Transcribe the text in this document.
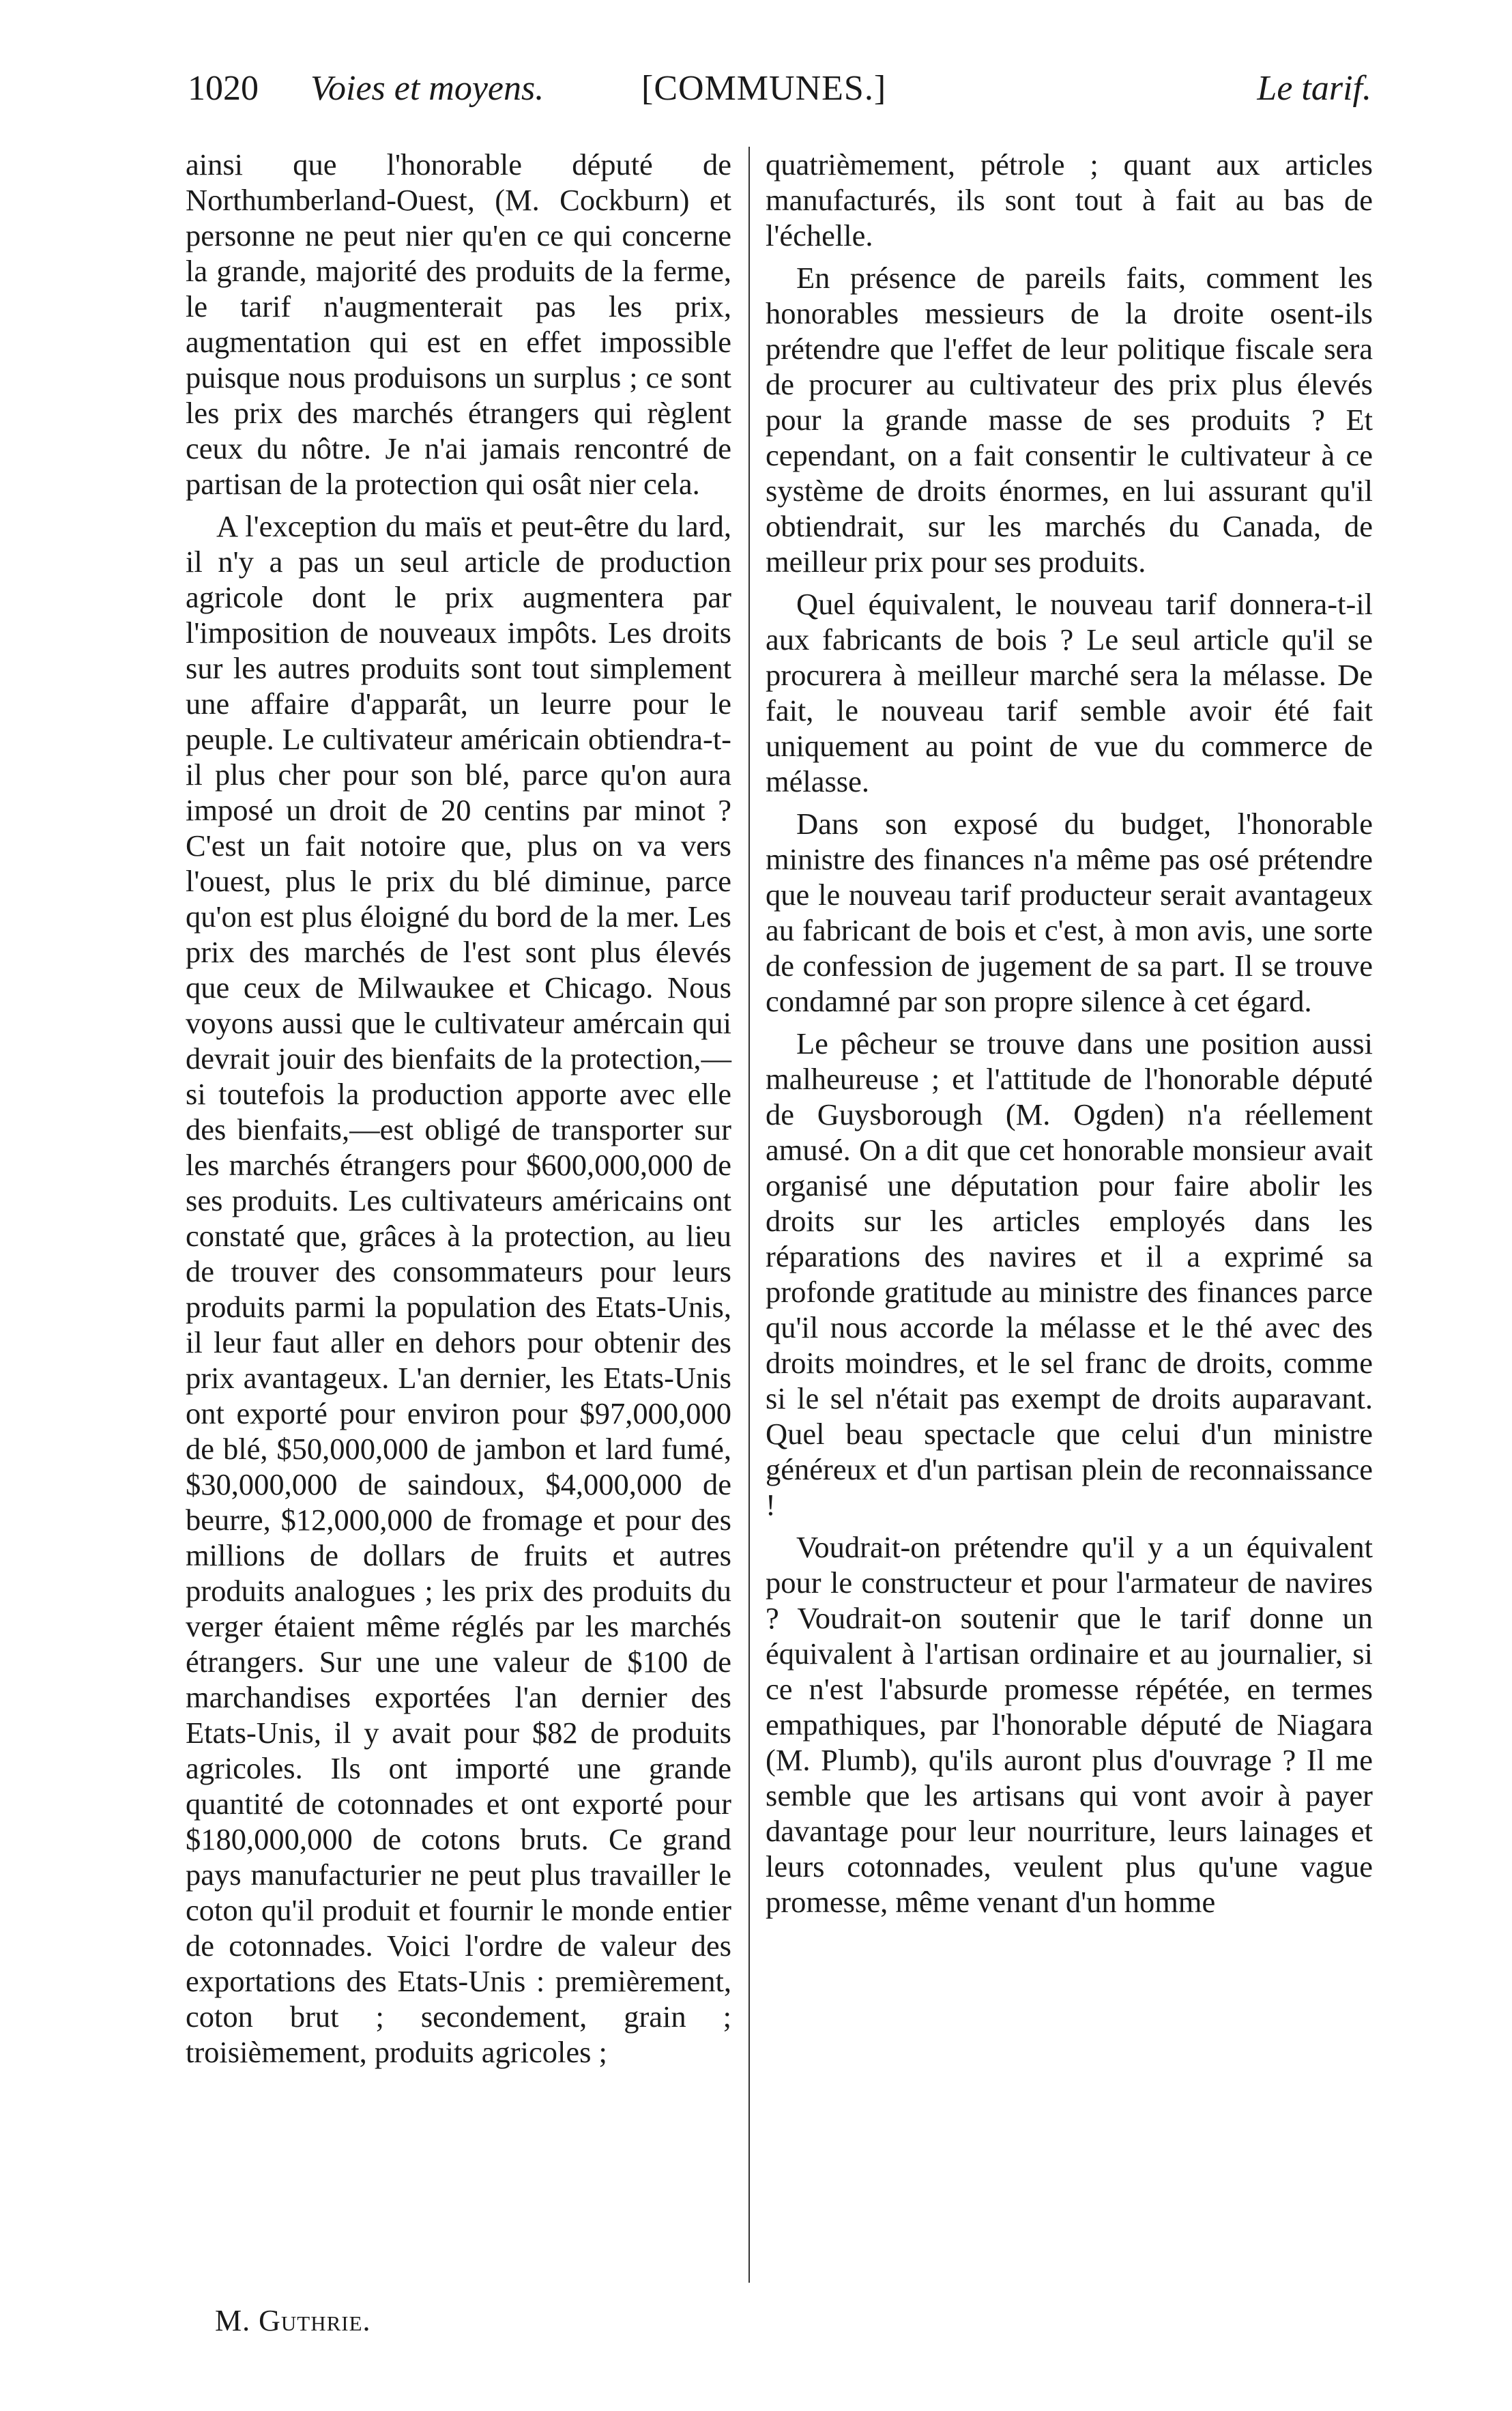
1020 Voies et moyens.	[COMMUNES.]	Le tarif.

ainsi que l'honorable député de Northumberland-Ouest, (M. Cockburn) et personne ne peut nier qu'en ce qui concerne la grande, majorité des produits de la ferme, le tarif n'augmenterait pas les prix, augmentation qui est en effet impossible puisque nous produisons un surplus ; ce sont les prix des marchés étrangers qui règlent ceux du nôtre. Je n'ai jamais rencontré de partisan de la protection qui osât nier cela.

A l'exception du maïs et peut-être du lard, il n'y a pas un seul article de production agricole dont le prix augmentera par l'imposition de nouveaux impôts. Les droits sur les autres produits sont tout simplement une affaire d'apparât, un leurre pour le peuple. Le cultivateur américain obtiendra-t-il plus cher pour son blé, parce qu'on aura imposé un droit de 20 centins par minot ? C'est un fait notoire que, plus on va vers l'ouest, plus le prix du blé diminue, parce qu'on est plus éloigné du bord de la mer. Les prix des marchés de l'est sont plus élevés que ceux de Milwaukee et Chicago. Nous voyons aussi que le cultivateur amércain qui devrait jouir des bienfaits de la protection,—si toutefois la production apporte avec elle des bienfaits,—est obligé de transporter sur les marchés étrangers pour $600,000,000 de ses produits. Les cultivateurs américains ont constaté que, grâces à la protection, au lieu de trouver des consommateurs pour leurs produits parmi la population des Etats-Unis, il leur faut aller en dehors pour obtenir des prix avantageux. L'an dernier, les Etats-Unis ont exporté pour environ pour $97,000,000 de blé, $50,000,000 de jambon et lard fumé, $30,000,000 de saindoux, $4,000,000 de beurre, $12,000,000 de fromage et pour des millions de dollars de fruits et autres produits analogues ; les prix des produits du verger étaient même réglés par les marchés étrangers. Sur une une valeur de $100 de marchandises exportées l'an dernier des Etats-Unis, il y avait pour $82 de produits agricoles. Ils ont importé une grande quantité de cotonnades et ont exporté pour $180,000,000 de cotons bruts. Ce grand pays manufacturier ne peut plus travailler le coton qu'il produit et fournir le monde entier de cotonnades. Voici l'ordre de valeur des exportations des Etats-Unis : premièrement, coton brut ; secondement, grain ; troisièmement, produits agricoles ;

quatrièmement, pétrole ; quant aux articles manufacturés, ils sont tout à fait au bas de l'échelle.

En présence de pareils faits, comment les honorables messieurs de la droite osent-ils prétendre que l'effet de leur politique fiscale sera de procurer au cultivateur des prix plus élevés pour la grande masse de ses produits ? Et cependant, on a fait consentir le cultivateur à ce système de droits énormes, en lui assurant qu'il obtiendrait, sur les marchés du Canada, de meilleur prix pour ses produits.

Quel équivalent, le nouveau tarif donnera-t-il aux fabricants de bois ? Le seul article qu'il se procurera à meilleur marché sera la mélasse. De fait, le nouveau tarif semble avoir été fait uniquement au point de vue du commerce de mélasse.

Dans son exposé du budget, l'honorable ministre des finances n'a même pas osé prétendre que le nouveau tarif producteur serait avantageux au fabricant de bois et c'est, à mon avis, une sorte de confession de jugement de sa part. Il se trouve condamné par son propre silence à cet égard.

Le pêcheur se trouve dans une position aussi malheureuse ; et l'attitude de l'honorable député de Guysborough (M. Ogden) n'a réellement amusé. On a dit que cet honorable monsieur avait organisé une députation pour faire abolir les droits sur les articles employés dans les réparations des navires et il a exprimé sa profonde gratitude au ministre des finances parce qu'il nous accorde la mélasse et le thé avec des droits moindres, et le sel franc de droits, comme si le sel n'était pas exempt de droits auparavant. Quel beau spectacle que celui d'un ministre généreux et d'un partisan plein de reconnaissance !

Voudrait-on prétendre qu'il y a un équivalent pour le constructeur et pour l'armateur de navires ? Voudrait-on soutenir que le tarif donne un équivalent à l'artisan ordinaire et au journalier, si ce n'est l'absurde promesse répétée, en termes empathiques, par l'honorable député de Niagara (M. Plumb), qu'ils auront plus d'ouvrage ? Il me semble que les artisans qui vont avoir à payer davantage pour leur nourriture, leurs lainages et leurs cotonnades, veulent plus qu'une vague promesse, même venant d'un homme

M. Guthrie.
